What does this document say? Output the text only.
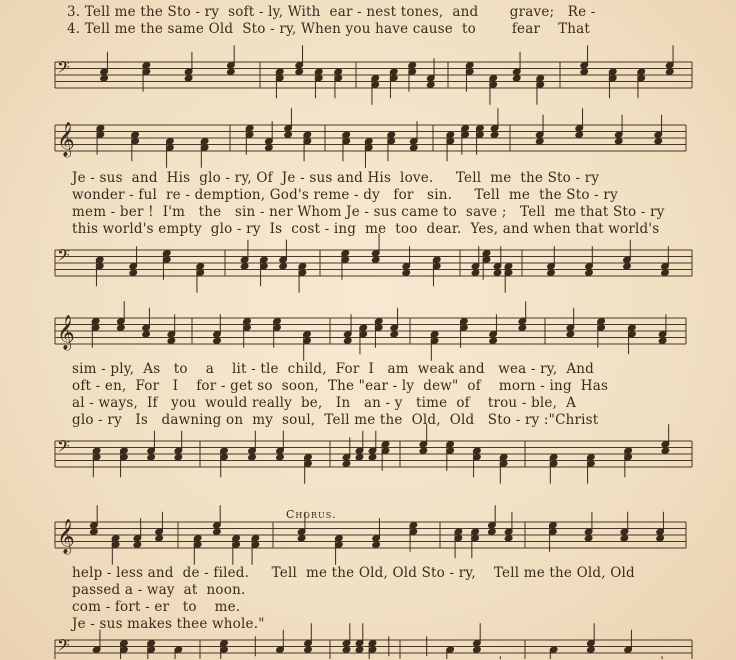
𝄢
𝄞
𝄢
𝄞
𝄢
𝄞
𝄢
3. Tell me the Sto - ry  soft - ly, With  ear - nest tones,  and       grave;   Re -
4. Tell me the same Old  Sto - ry, When you have cause  to        fear    That
Je - sus  and  His  glo - ry, Of  Je - sus and His  love.     Tell  me  the Sto - ry
wonder - ful  re - demption, God's reme - dy   for   sin.     Tell  me  the Sto - ry
mem - ber !  I'm   the   sin - ner Whom Je - sus came to  save ;   Tell  me that Sto - ry
this world's empty  glo - ry  Is  cost - ing  me  too  dear.  Yes, and when that world's
sim - ply,  As   to    a    lit - tle  child,  For  I   am  weak and   wea - ry,  And
oft - en,  For   I    for - get so  soon,  The "ear - ly  dew"  of    morn - ing  Has
al - ways,  If   you  would really  be,   In   an - y   time  of    trou - ble,  A
glo - ry   Is   dawning on  my  soul,  Tell me the  Old,  Old   Sto - ry :"Christ
Chorus.
help - less and  de - filed.     Tell  me the Old, Old Sto - ry,    Tell me the Old, Old
passed a - way  at  noon.
com - fort - er   to    me.
Je - sus makes thee whole."
